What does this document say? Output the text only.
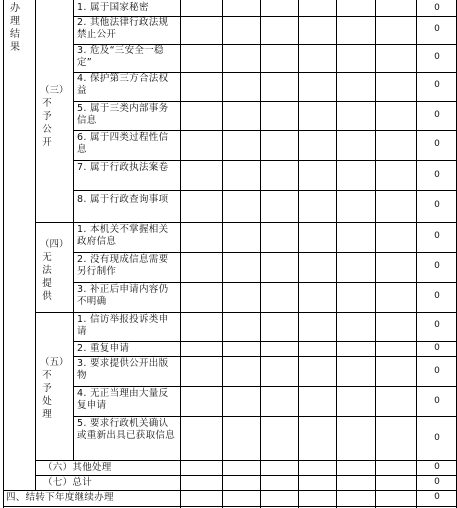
办理结果
（三）不予公开
（四）无法提供
（五）不予处理
1. 属于国家秘密
2. 其他法律行政法规禁止公开
3. 危及“三安全一稳定”
4. 保护第三方合法权益
5. 属于三类内部事务信息
6. 属于四类过程性信息
7. 属于行政执法案卷
8. 属于行政查询事项
1. 本机关不掌握相关政府信息
2. 没有现成信息需要另行制作
3. 补正后申请内容仍不明确
1. 信访举报投诉类申请
2. 重复申请
3. 要求提供公开出版物
4. 无正当理由大量反复申请
5. 要求行政机关确认或重新出具已获取信息
（六）其他处理
（七）总计
四、结转下年度继续办理
0
0
0
0
0
0
0
0
0
0
0
0
0
0
0
0
0
0
0
